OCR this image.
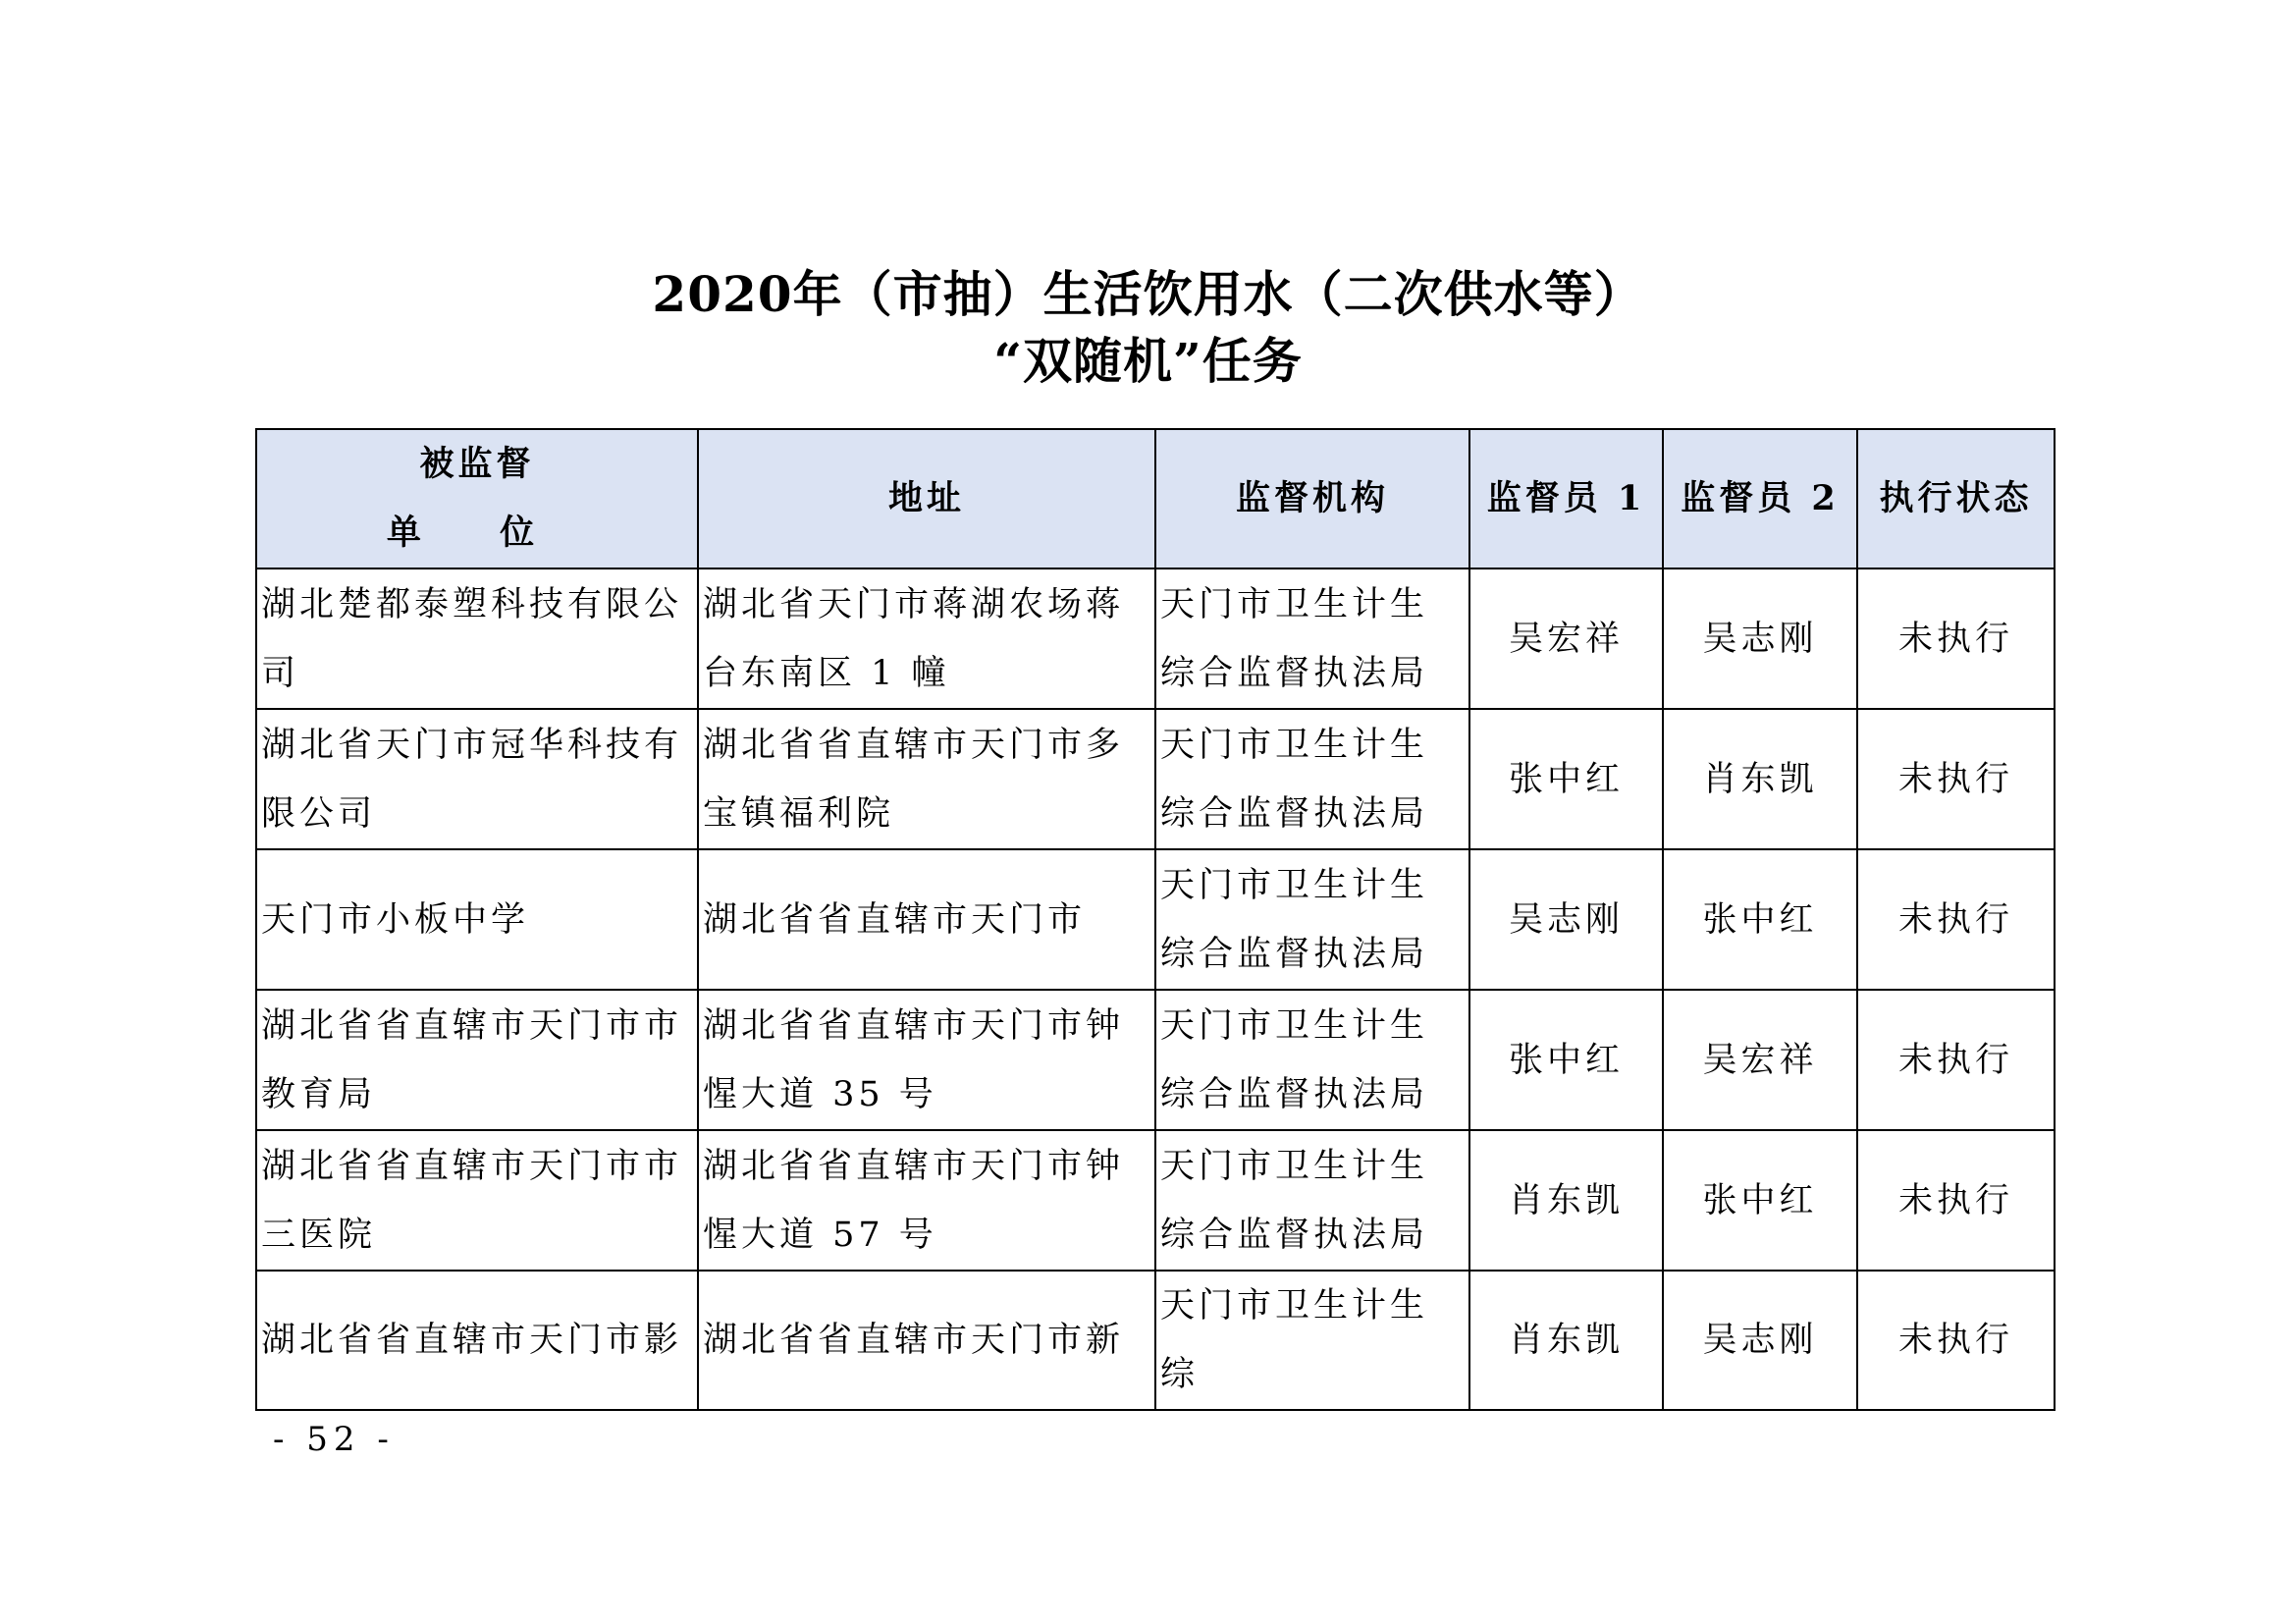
2020年（市抽）生活饮用水（二次供水等）
“双随机”任务
被监督
单 位	地址	监督机构	监督员 1	监督员 2	执行状态
湖北楚都泰塑科技有限公司	湖北省天门市蒋湖农场蒋台东南区 1 幢	天门市卫生计生综合监督执法局	吴宏祥	吴志刚	未执行
湖北省天门市冠华科技有限公司	湖北省省直辖市天门市多宝镇福利院	天门市卫生计生综合监督执法局	张中红	肖东凯	未执行
天门市小板中学	湖北省省直辖市天门市	天门市卫生计生综合监督执法局	吴志刚	张中红	未执行
湖北省省直辖市天门市市教育局	湖北省省直辖市天门市钟惺大道 35 号	天门市卫生计生综合监督执法局	张中红	吴宏祥	未执行
湖北省省直辖市天门市市三医院	湖北省省直辖市天门市钟惺大道 57 号	天门市卫生计生综合监督执法局	肖东凯	张中红	未执行
湖北省省直辖市天门市影	湖北省省直辖市天门市新	天门市卫生计生综	肖东凯	吴志刚	未执行
- 52 -
